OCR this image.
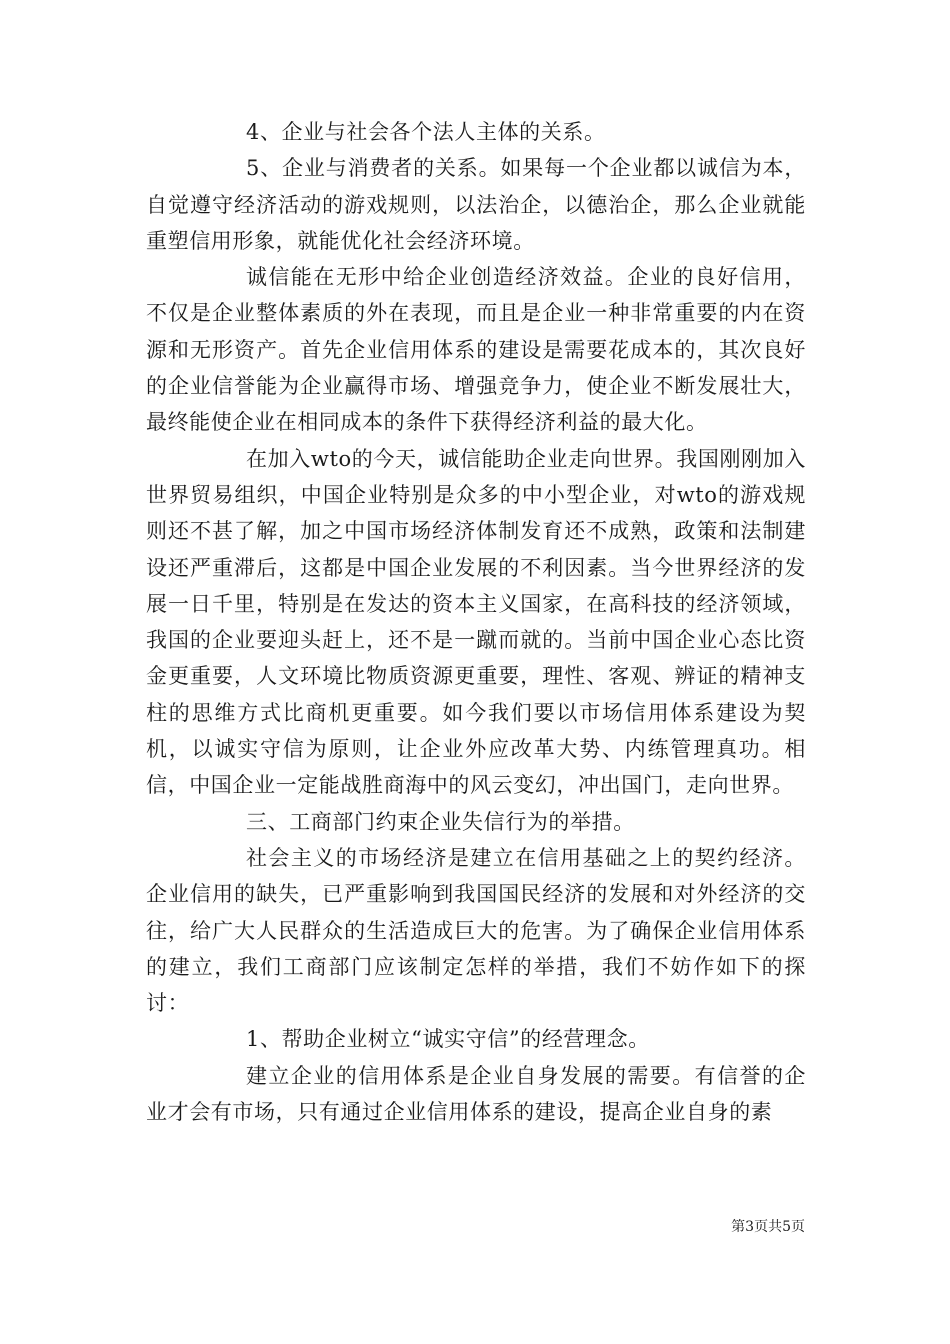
4、企业与社会各个法人主体的关系。

5、企业与消费者的关系。如果每一个企业都以诚信为本，自觉遵守经济活动的游戏规则，以法治企，以德治企，那么企业就能重塑信用形象，就能优化社会经济环境。

诚信能在无形中给企业创造经济效益。企业的良好信用，不仅是企业整体素质的外在表现，而且是企业一种非常重要的内在资源和无形资产。首先企业信用体系的建设是需要花成本的，其次良好的企业信誉能为企业赢得市场、增强竞争力，使企业不断发展壮大，最终能使企业在相同成本的条件下获得经济利益的最大化。

在加入wto的今天，诚信能助企业走向世界。我国刚刚加入世界贸易组织，中国企业特别是众多的中小型企业，对wto的游戏规则还不甚了解，加之中国市场经济体制发育还不成熟，政策和法制建设还严重滞后，这都是中国企业发展的不利因素。当今世界经济的发展一日千里，特别是在发达的资本主义国家，在高科技的经济领域，我国的企业要迎头赶上，还不是一蹴而就的。当前中国企业心态比资金更重要，人文环境比物质资源更重要，理性、客观、辨证的精神支柱的思维方式比商机更重要。如今我们要以市场信用体系建设为契机，以诚实守信为原则，让企业外应改革大势、内练管理真功。相信，中国企业一定能战胜商海中的风云变幻，冲出国门，走向世界。

三、工商部门约束企业失信行为的举措。

社会主义的市场经济是建立在信用基础之上的契约经济。企业信用的缺失，已严重影响到我国国民经济的发展和对外经济的交往，给广大人民群众的生活造成巨大的危害。为了确保企业信用体系的建立，我们工商部门应该制定怎样的举措，我们不妨作如下的探讨：

1、帮助企业树立“诚实守信”的经营理念。

建立企业的信用体系是企业自身发展的需要。有信誉的企业才会有市场，只有通过企业信用体系的建设，提高企业自身的素

第3页共5页
